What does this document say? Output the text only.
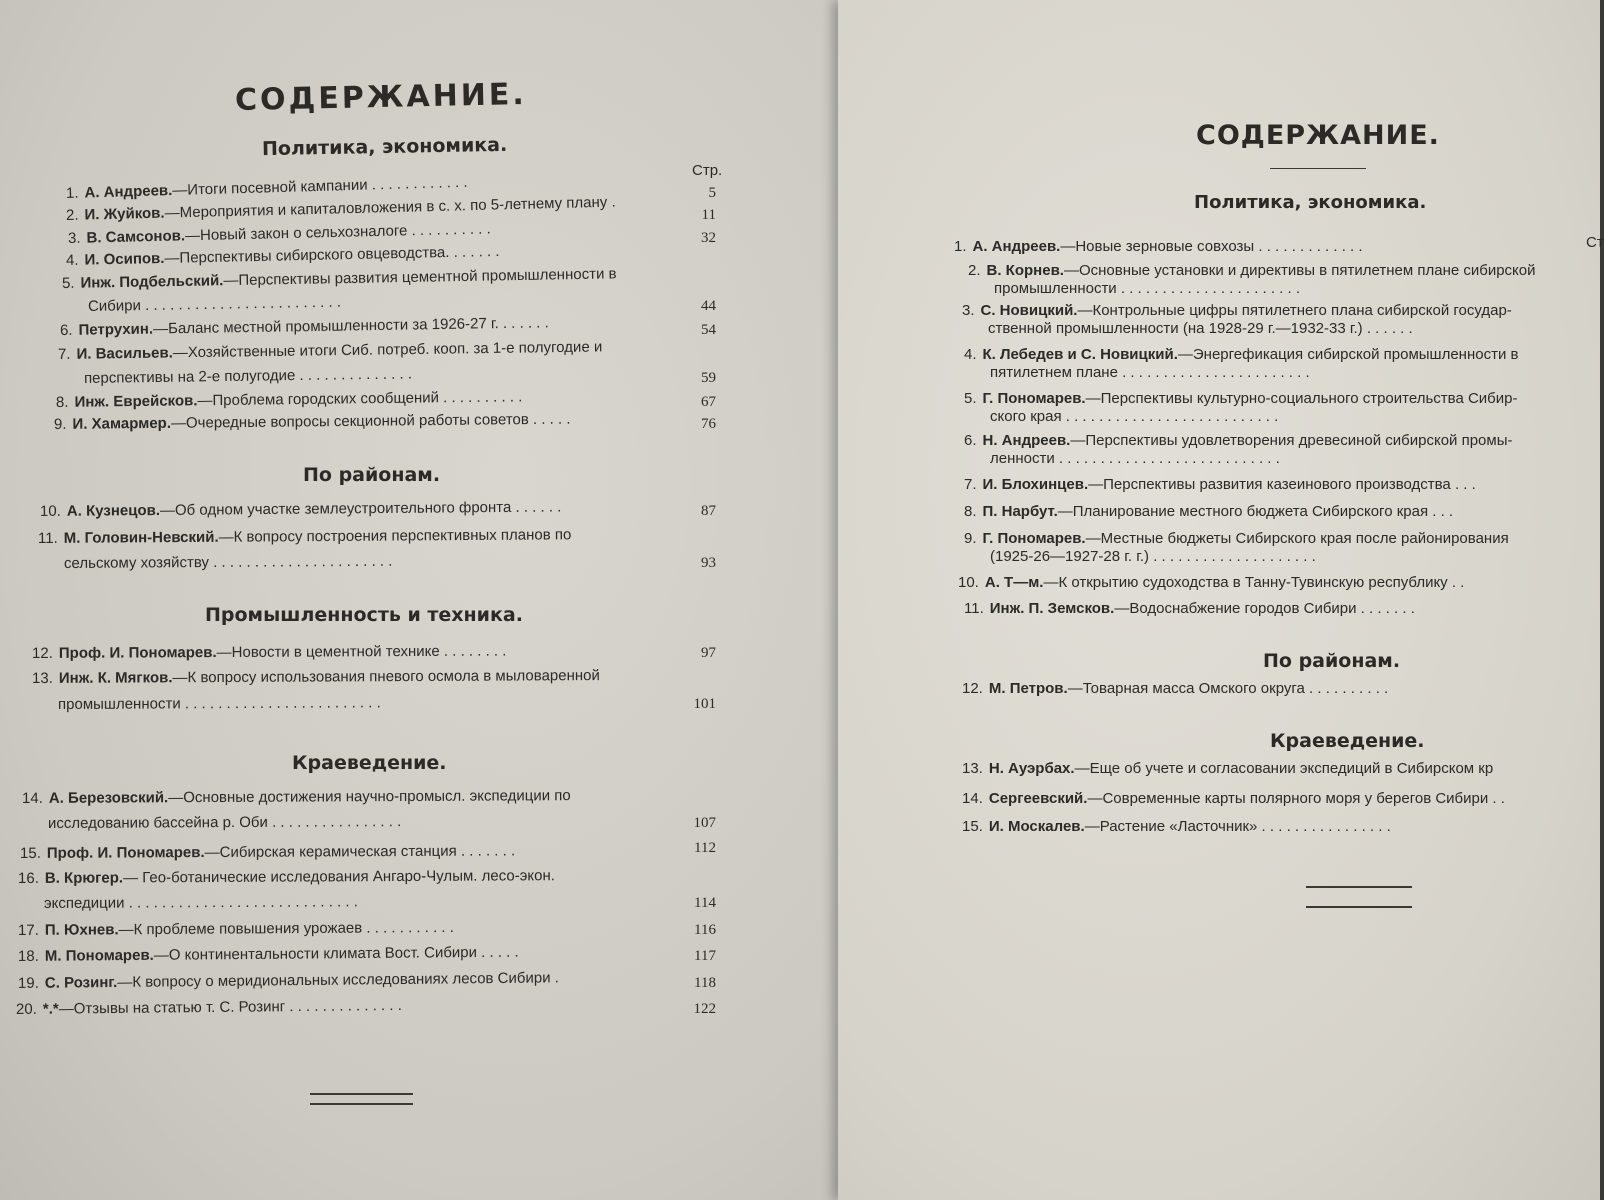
СОДЕРЖАНИЕ.
Политика, экономика.
Стр.
1. А. Андреев.—Итоги посевной кампании . . . . . . . . . . . .	5
2. И. Жуйков.—Мероприятия и капиталовложения в с. х. по 5-летнему плану .	11
3. В. Самсонов.—Новый закон о сельхозналоге . . . . . . . . . .	32
4. И. Осипов.—Перспективы сибирского овцеводства. . . . . . .
5. Инж. Подбельский.—Перспективы развития цементной промышленности в
Сибири . . . . . . . . . . . . . . . . . . . . . . . .	44
6. Петрухин.—Баланс местной промышленности за 1926-27 г. . . . . . .	54
7. И. Васильев.—Хозяйственные итоги Сиб. потреб. кооп. за 1-е полугодие и
перспективы на 2-е полугодие . . . . . . . . . . . . . .	59
8. Инж. Еврейсков.—Проблема городских сообщений . . . . . . . . . .	67
9. И. Хамармер.—Очередные вопросы секционной работы советов . . . . .	76
10. А. Кузнецов.—Об одном участке землеустроительного фронта . . . . . .	87
11. М. Головин-Невский.—К вопросу построения перспективных планов по
сельскому хозяйству . . . . . . . . . . . . . . . . . . . . . .	93
12. Проф. И. Пономарев.—Новости в цементной технике . . . . . . . .	97
13. Инж. К. Мягков.—К вопросу использования пневого осмола в мыловаренной
промышленности . . . . . . . . . . . . . . . . . . . . . . . .	101
14. А. Березовский.—Основные достижения научно-промысл. экспедиции по
исследованию бассейна р. Оби . . . . . . . . . . . . . . . .	107
15. Проф. И. Пономарев.—Сибирская керамическая станция . . . . . . .	112
16. В. Крюгер.— Гео-ботанические исследования Ангаро-Чулым. лесо-экон.
экспедиции . . . . . . . . . . . . . . . . . . . . . . . . . . . .	114
17. П. Юхнев.—К проблеме повышения урожаев . . . . . . . . . . .	116
18. М. Пономарев.—О континентальности климата Вост. Сибири . . . . .	117
19. С. Розинг.—К вопросу о меридиональных исследованиях лесов Сибири .	118
20. *.*—Отзывы на статью т. С. Розинг . . . . . . . . . . . . . .	122
По районам.
Промышленность и техника.
Краеведение.
СОДЕРЖАНИЕ.
Политика, экономика.
Ст
1. А. Андреев.—Новые зерновые совхозы . . . . . . . . . . . . .
2. В. Корнев.—Основные установки и директивы в пятилетнем плане сибирской
промышленности . . . . . . . . . . . . . . . . . . . . . .
3. С. Новицкий.—Контрольные цифры пятилетнего плана сибирской государ-
ственной промышленности (на 1928-29 г.—1932-33 г.) . . . . . .
4. К. Лебедев и С. Новицкий.—Энергефикация сибирской промышленности в
пятилетнем плане . . . . . . . . . . . . . . . . . . . . . . .
5. Г. Пономарев.—Перспективы культурно-социального строительства Сибир-
ского края . . . . . . . . . . . . . . . . . . . . . . . . . .
6. Н. Андреев.—Перспективы удовлетворения древесиной сибирской промы-
ленности . . . . . . . . . . . . . . . . . . . . . . . . . . .
7. И. Блохинцев.—Перспективы развития казеинового производства . . .
8. П. Нарбут.—Планирование местного бюджета Сибирского края . . .
9. Г. Пономарев.—Местные бюджеты Сибирского края после районирования
(1925-26—1927-28 г. г.) . . . . . . . . . . . . . . . . . . . .
10. А. Т—м.—К открытию судоходства в Танну-Тувинскую республику . .
11. Инж. П. Земсков.—Водоснабжение городов Сибири . . . . . . .
12. М. Петров.—Товарная масса Омского округа . . . . . . . . . .
13. Н. Ауэрбах.—Еще об учете и согласовании экспедиций в Сибирском кр
14. Сергеевский.—Современные карты полярного моря у берегов Сибири . .
15. И. Москалев.—Растение «Ласточник» . . . . . . . . . . . . . . . .
По районам.
Краеведение.
